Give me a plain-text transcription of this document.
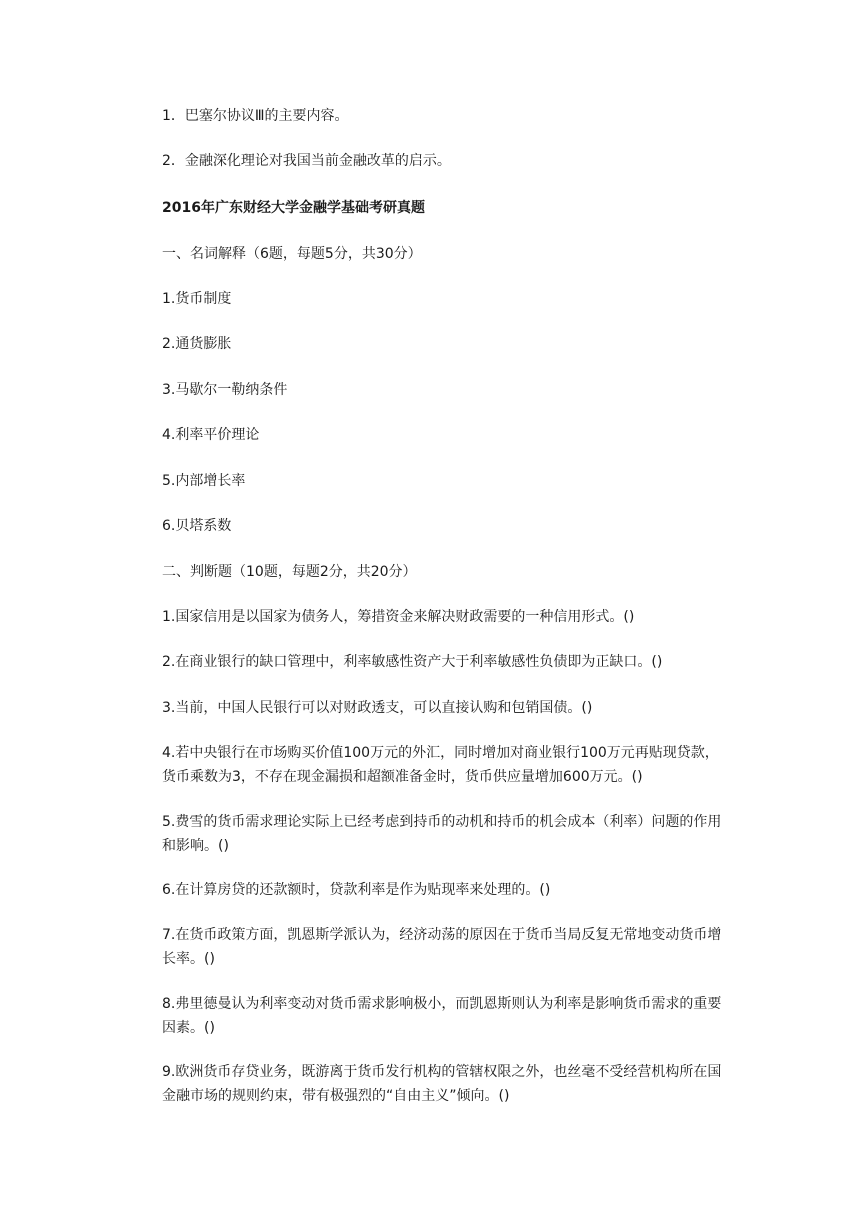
1．巴塞尔协议Ⅲ的主要内容。

2．金融深化理论对我国当前金融改革的启示。

2016年广东财经大学金融学基础考研真题

一、名词解释（6题，每题5分，共30分）

1.货币制度

2.通货膨胀

3.马歇尔一勒纳条件

4.利率平价理论

5.内部增长率

6.贝塔系数

二、判断题（10题，每题2分，共20分）

1.国家信用是以国家为债务人，筹措资金来解决财政需要的一种信用形式。()

2.在商业银行的缺口管理中，利率敏感性资产大于利率敏感性负债即为正缺口。()

3.当前，中国人民银行可以对财政透支，可以直接认购和包销国债。()

4.若中央银行在市场购买价值100万元的外汇，同时增加对商业银行100万元再贴现贷款，货币乘数为3，不存在现金漏损和超额准备金时，货币供应量增加600万元。()

5.费雪的货币需求理论实际上已经考虑到持币的动机和持币的机会成本（利率）问题的作用和影响。()

6.在计算房贷的还款额时，贷款利率是作为贴现率来处理的。()

7.在货币政策方面，凯恩斯学派认为，经济动荡的原因在于货币当局反复无常地变动货币增长率。()

8.弗里德曼认为利率变动对货币需求影响极小，而凯恩斯则认为利率是影响货币需求的重要因素。()

9.欧洲货币存贷业务，既游离于货币发行机构的管辖权限之外，也丝毫不受经营机构所在国金融市场的规则约束，带有极强烈的“自由主义”倾向。()
